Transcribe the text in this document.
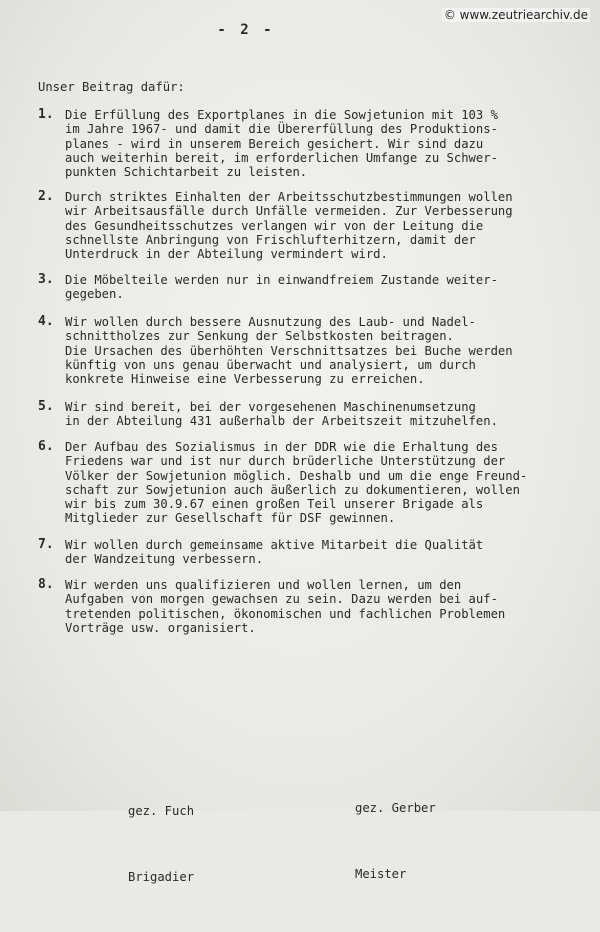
© www.zeutriearchiv.de
- 2 -
Unser Beitrag dafür:
1. Die Erfüllung des Exportplanes in die Sowjetunion mit 103 %
im Jahre 1967- und damit die Übererfüllung des Produktions-
planes - wird in unserem Bereich gesichert. Wir sind dazu
auch weiterhin bereit, im erforderlichen Umfange zu Schwer-
punkten Schichtarbeit zu leisten.
2. Durch striktes Einhalten der Arbeitsschutzbestimmungen wollen
wir Arbeitsausfälle durch Unfälle vermeiden. Zur Verbesserung
des Gesundheitsschutzes verlangen wir von der Leitung die
schnellste Anbringung von Frischlufterhitzern, damit der
Unterdruck in der Abteilung vermindert wird.
3. Die Möbelteile werden nur in einwandfreiem Zustande weiter-
gegeben.
4. Wir wollen durch bessere Ausnutzung des Laub- und Nadel-
schnittholzes zur Senkung der Selbstkosten beitragen.
Die Ursachen des überhöhten Verschnittsatzes bei Buche werden
künftig von uns genau überwacht und analysiert, um durch
konkrete Hinweise eine Verbesserung zu erreichen.
5. Wir sind bereit, bei der vorgesehenen Maschinenumsetzung
in der Abteilung 431 außerhalb der Arbeitszeit mitzuhelfen.
6. Der Aufbau des Sozialismus in der DDR wie die Erhaltung des
Friedens war und ist nur durch brüderliche Unterstützung der
Völker der Sowjetunion möglich. Deshalb und um die enge Freund-
schaft zur Sowjetunion auch äußerlich zu dokumentieren, wollen
wir bis zum 30.9.67 einen großen Teil unserer Brigade als
Mitglieder zur Gesellschaft für DSF gewinnen.
7. Wir wollen durch gemeinsame aktive Mitarbeit die Qualität
der Wandzeitung verbessern.
8. Wir werden uns qualifizieren und wollen lernen, um den
Aufgaben von morgen gewachsen zu sein. Dazu werden bei auf-
tretenden politischen, ökonomischen und fachlichen Problemen
Vorträge usw. organisiert.

gez. Fuch

Brigadier

gez. Gerber

Meister
